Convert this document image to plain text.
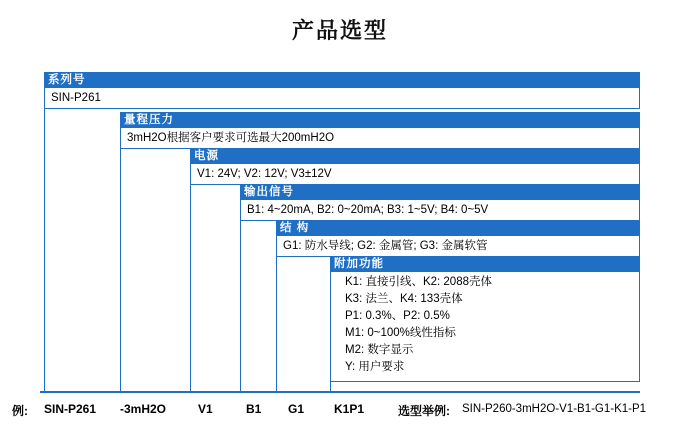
产品选型
系列号
SIN-P261
量程压力
3mH2O根据客户要求可选最大200mH2O
电源
V1: 24V; V2: 12V; V3±12V
输出信号
B1: 4~20mA, B2: 0~20mA; B3: 1~5V; B4: 0~5V
结 构
G1: 防水导线; G2: 金属管; G3: 金属软管
附加功能
K1: 直接引线、K2: 2088壳体
K3: 法兰、K4: 133壳体
P1: 0.3%、P2: 0.5%
M1: 0~100%线性指标
M2: 数字显示
Y: 用户要求
例: SIN-P261 -3mH2O	V1	B1 G1 K1P1	选型举例: SIN-P260-3mH2O-V1-B1-G1-K1-P1
